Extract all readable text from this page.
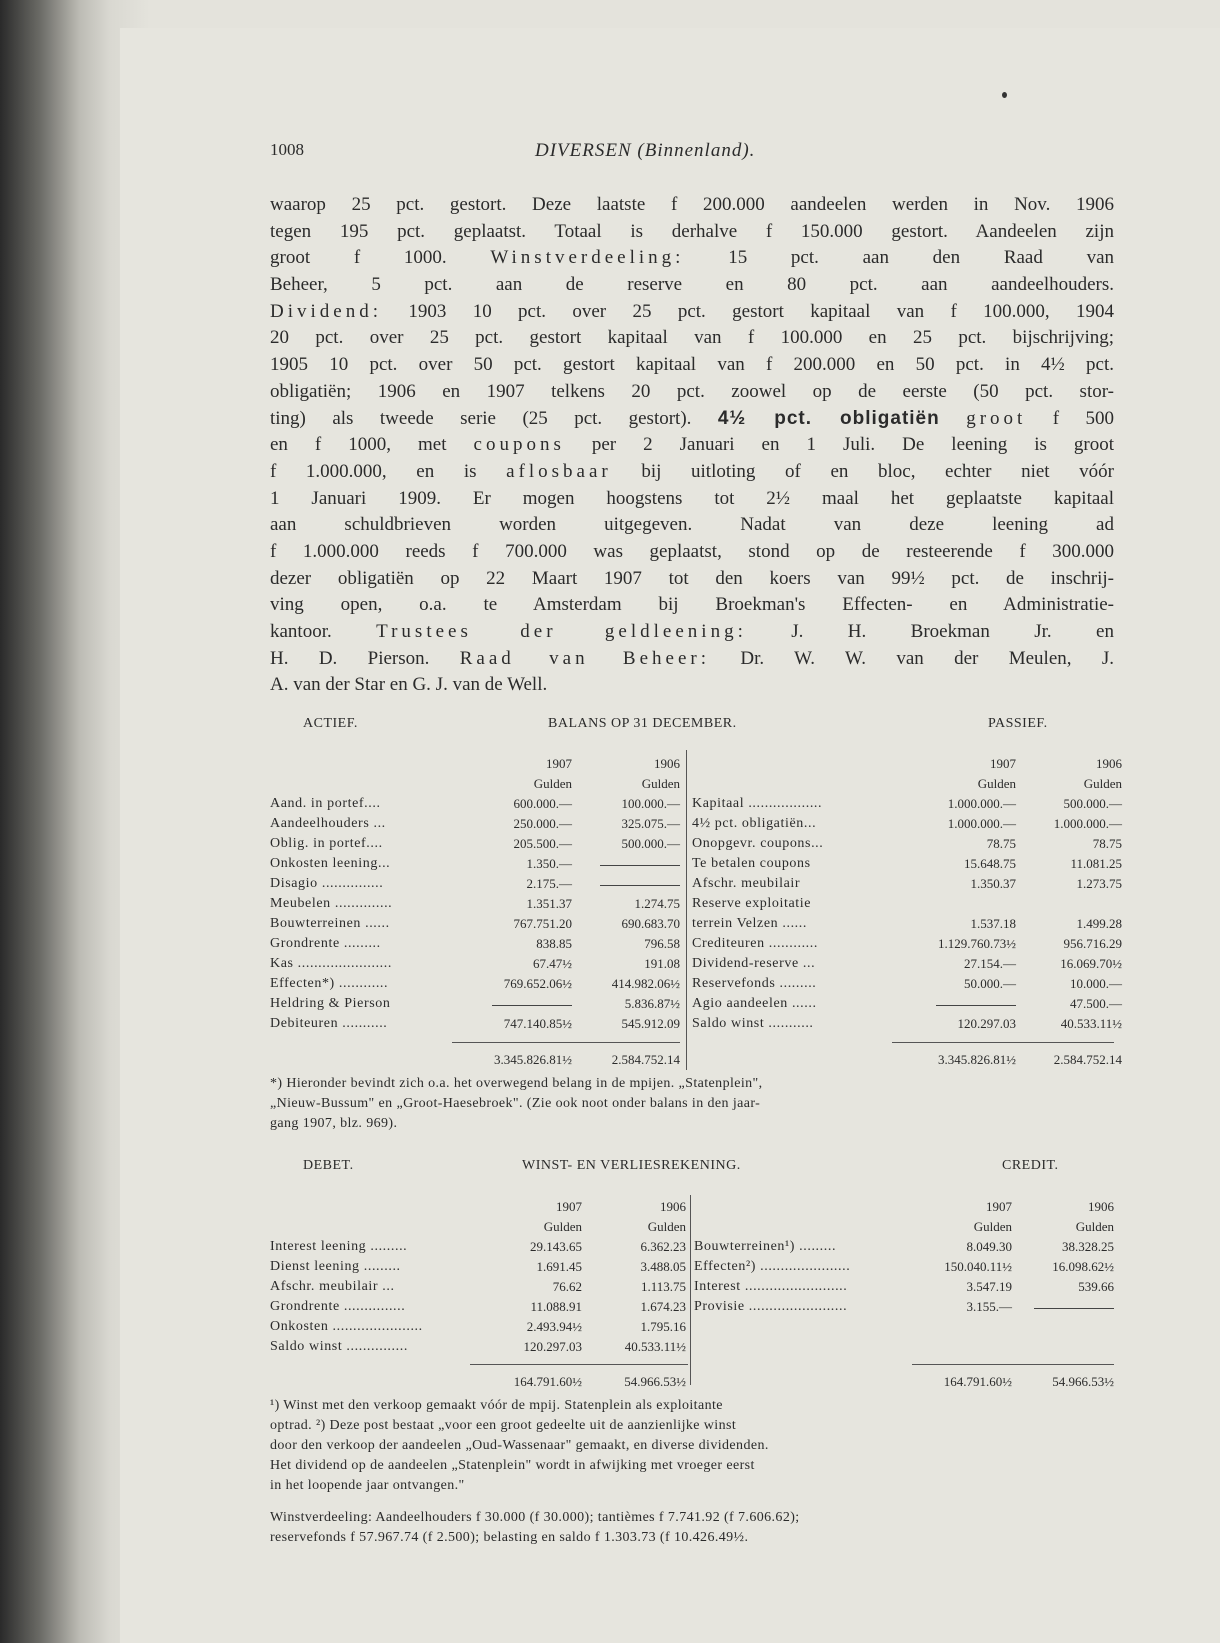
1008	DIVERSEN (Binnenland).
waarop 25 pct. gestort. Deze laatste f 200.000 aandeelen werden in Nov. 1906
tegen 195 pct. geplaatst. Totaal is derhalve f 150.000 gestort. Aandeelen zijn
groot f 1000. Winstverdeeling: 15 pct. aan den Raad van
Beheer, 5 pct. aan de reserve en 80 pct. aan aandeelhouders.
Dividend: 1903 10 pct. over 25 pct. gestort kapitaal van f 100.000, 1904
20 pct. over 25 pct. gestort kapitaal van f 100.000 en 25 pct. bijschrijving;
1905 10 pct. over 50 pct. gestort kapitaal van f 200.000 en 50 pct. in 4½ pct.
obligatiën; 1906 en 1907 telkens 20 pct. zoowel op de eerste (50 pct. stor-
ting) als tweede serie (25 pct. gestort). 4½ pct. obligatiën groot f 500
en f 1000, met coupons per 2 Januari en 1 Juli. De leening is groot
f 1.000.000, en is aflosbaar bij uitloting of en bloc, echter niet vóór
1 Januari 1909. Er mogen hoogstens tot 2½ maal het geplaatste kapitaal
aan schuldbrieven worden uitgegeven. Nadat van deze leening ad
f 1.000.000 reeds f 700.000 was geplaatst, stond op de resteerende f 300.000
dezer obligatiën op 22 Maart 1907 tot den koers van 99½ pct. de inschrij-
ving open, o.a. te Amsterdam bij Broekman's Effecten- en Administratie-
kantoor. Trustees der geldleening: J. H. Broekman Jr. en
H. D. Pierson. Raad van Beheer: Dr. W. W. van der Meulen, J.
A. van der Star en G. J. van de Well.
ACTIEF.	BALANS OP 31 DECEMBER.	PASSIEF.
	1907	1906
	Gulden	Gulden
Aand. in portef....	600.000.—	100.000.—
Aandeelhouders ...	250.000.—	325.075.—
Oblig. in portef....	205.500.—	500.000.—
Onkosten leening...	1.350.—	
Disagio ...............	2.175.—	
Meubelen ..............	1.351.37	1.274.75
Bouwterreinen ......	767.751.20	690.683.70
Grondrente .........	838.85	796.58
Kas .......................	67.47½	191.08
Effecten*) ............	769.652.06½	414.982.06½
Heldring & Pierson		5.836.87½
Debiteuren ...........	747.140.85½	545.912.09
	1907	1906
	Gulden	Gulden
Kapitaal ..................	1.000.000.—	500.000.—
4½ pct. obligatiën...	1.000.000.—	1.000.000.—
Onopgevr. coupons...	78.75	78.75
Te betalen coupons	15.648.75	11.081.25
Afschr. meubilair	1.350.37	1.273.75
Reserve exploitatie		
terrein Velzen ......	1.537.18	1.499.28
Crediteuren ............	1.129.760.73½	956.716.29
Dividend-reserve ...	27.154.—	16.069.70½
Reservefonds .........	50.000.—	10.000.—
Agio aandeelen ......		47.500.—
Saldo winst ...........	120.297.03	40.533.11½
	3.345.826.81½	2.584.752.14
		3.345.826.81½	2.584.752.14
*) Hieronder bevindt zich o.a. het overwegend belang in de mpijen. „Statenplein",
„Nieuw-Bussum" en „Groot-Haesebroek". (Zie ook noot onder balans in den jaar-
gang 1907, blz. 969).
DEBET.	WINST- EN VERLIESREKENING.	CREDIT.
	1907	1906
	Gulden	Gulden
Interest leening .........	29.143.65	6.362.23
Dienst leening .........	1.691.45	3.488.05
Afschr. meubilair ...	76.62	1.113.75
Grondrente ...............	11.088.91	1.674.23
Onkosten ......................	2.493.94½	1.795.16
Saldo winst ...............	120.297.03	40.533.11½
	1907	1906
	Gulden	Gulden
Bouwterreinen¹) .........	8.049.30	38.328.25
Effecten²) ......................	150.040.11½	16.098.62½
Interest .........................	3.547.19	539.66
Provisie ........................	3.155.—	
	164.791.60½	54.966.53½
		164.791.60½	54.966.53½
¹) Winst met den verkoop gemaakt vóór de mpij. Statenplein als exploitante
optrad. ²) Deze post bestaat „voor een groot gedeelte uit de aanzienlijke winst
door den verkoop der aandeelen „Oud-Wassenaar" gemaakt, en diverse dividenden.
Het dividend op de aandeelen „Statenplein" wordt in afwijking met vroeger eerst
in het loopende jaar ontvangen."
Winstverdeeling: Aandeelhouders f 30.000 (f 30.000); tantièmes f 7.741.92 (f 7.606.62);
reservefonds f 57.967.74 (f 2.500); belasting en saldo f 1.303.73 (f 10.426.49½.
